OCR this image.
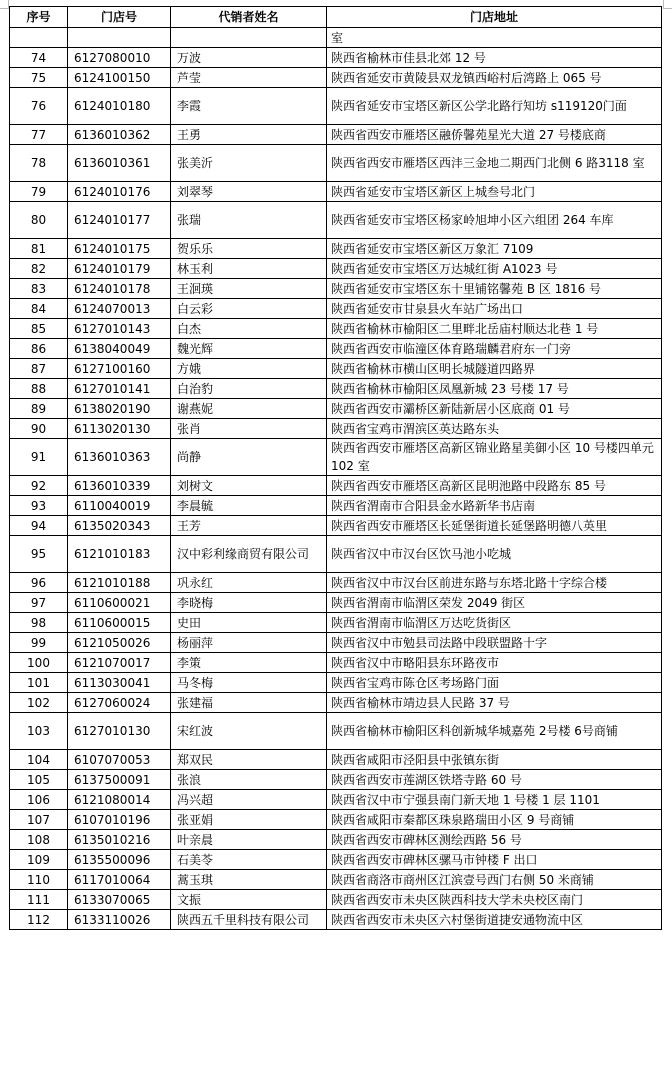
序号	门店号	代销者姓名	门店地址
			室
74	6127080010	万波	陕西省榆林市佳县北郊 12 号
75	6124100150	芦莹	陕西省延安市黄陵县双龙镇西峪村后湾路上 065 号
76	6124010180	李霞	陕西省延安市宝塔区新区公学北路行知坊 s119120门面
77	6136010362	王勇	陕西省西安市雁塔区融侨馨苑星光大道 27 号楼底商
78	6136010361	张美沂	陕西省西安市雁塔区西沣三金地二期西门北侧 6 路3118 室
79	6124010176	刘翠琴	陕西省延安市宝塔区新区上城叁号北门
80	6124010177	张瑞	陕西省延安市宝塔区杨家岭旭坤小区六组团 264 车库
81	6124010175	贺乐乐	陕西省延安市宝塔区新区万象汇 7109
82	6124010179	林玉利	陕西省延安市宝塔区万达城红街 A1023 号
83	6124010178	王洄瑛	陕西省延安市宝塔区东十里铺铭馨苑 B 区 1816 号
84	6124070013	白云彩	陕西省延安市甘泉县火车站广场出口
85	6127010143	白杰	陕西省榆林市榆阳区二里畔北岳庙村顺达北巷 1 号
86	6138040049	魏光辉	陕西省西安市临潼区体育路瑞麟君府东一门旁
87	6127100160	方娥	陕西省榆林市横山区明长城隧道四路界
88	6127010141	白治豹	陕西省榆林市榆阳区凤凰新城 23 号楼 17 号
89	6138020190	谢燕妮	陕西省西安市灞桥区新陆新居小区底商 01 号
90	6113020130	张肖	陕西省宝鸡市渭滨区英达路东头
91	6136010363	尚静	陕西省西安市雁塔区高新区锦业路星美御小区 10 号楼四单元 102 室
92	6136010339	刘树文	陕西省西安市雁塔区高新区昆明池路中段路东 85 号
93	6110040019	李晨毓	陕西省渭南市合阳县金水路新华书店南
94	6135020343	王芳	陕西省西安市雁塔区长延堡街道长延堡路明德八英里
95	6121010183	汉中彩利缘商贸有限公司	陕西省汉中市汉台区饮马池小吃城
96	6121010188	巩永红	陕西省汉中市汉台区前进东路与东塔北路十字综合楼
97	6110600021	李晓梅	陕西省渭南市临渭区荣发 2049 街区
98	6110600015	史田	陕西省渭南市临渭区万达吃货街区
99	6121050026	杨丽萍	陕西省汉中市勉县司法路中段联盟路十字
100	6121070017	李策	陕西省汉中市略阳县东环路夜市
101	6113030041	马冬梅	陕西省宝鸡市陈仓区考场路门面
102	6127060024	张建福	陕西省榆林市靖边县人民路 37 号
103	6127010130	宋红波	陕西省榆林市榆阳区科创新城华城嘉苑 2号楼 6号商铺
104	6107070053	郑双民	陕西省咸阳市泾阳县中张镇东街
105	6137500091	张浪	陕西省西安市莲湖区铁塔寺路 60 号
106	6121080014	冯兴超	陕西省汉中市宁强县南门新天地 1 号楼 1 层 1101
107	6107010196	张亚娟	陕西省咸阳市秦都区珠泉路瑞田小区 9 号商铺
108	6135010216	叶亲晨	陕西省西安市碑林区测绘西路 56 号
109	6135500096	石美苓	陕西省西安市碑林区骡马市钟楼 F 出口
110	6117010064	蒿玉琪	陕西省商洛市商州区江滨壹号西门右侧 50 米商铺
111	6133070065	文振	陕西省西安市未央区陕西科技大学未央校区南门
112	6133110026	陕西五千里科技有限公司	陕西省西安市未央区六村堡街道捷安通物流中区
